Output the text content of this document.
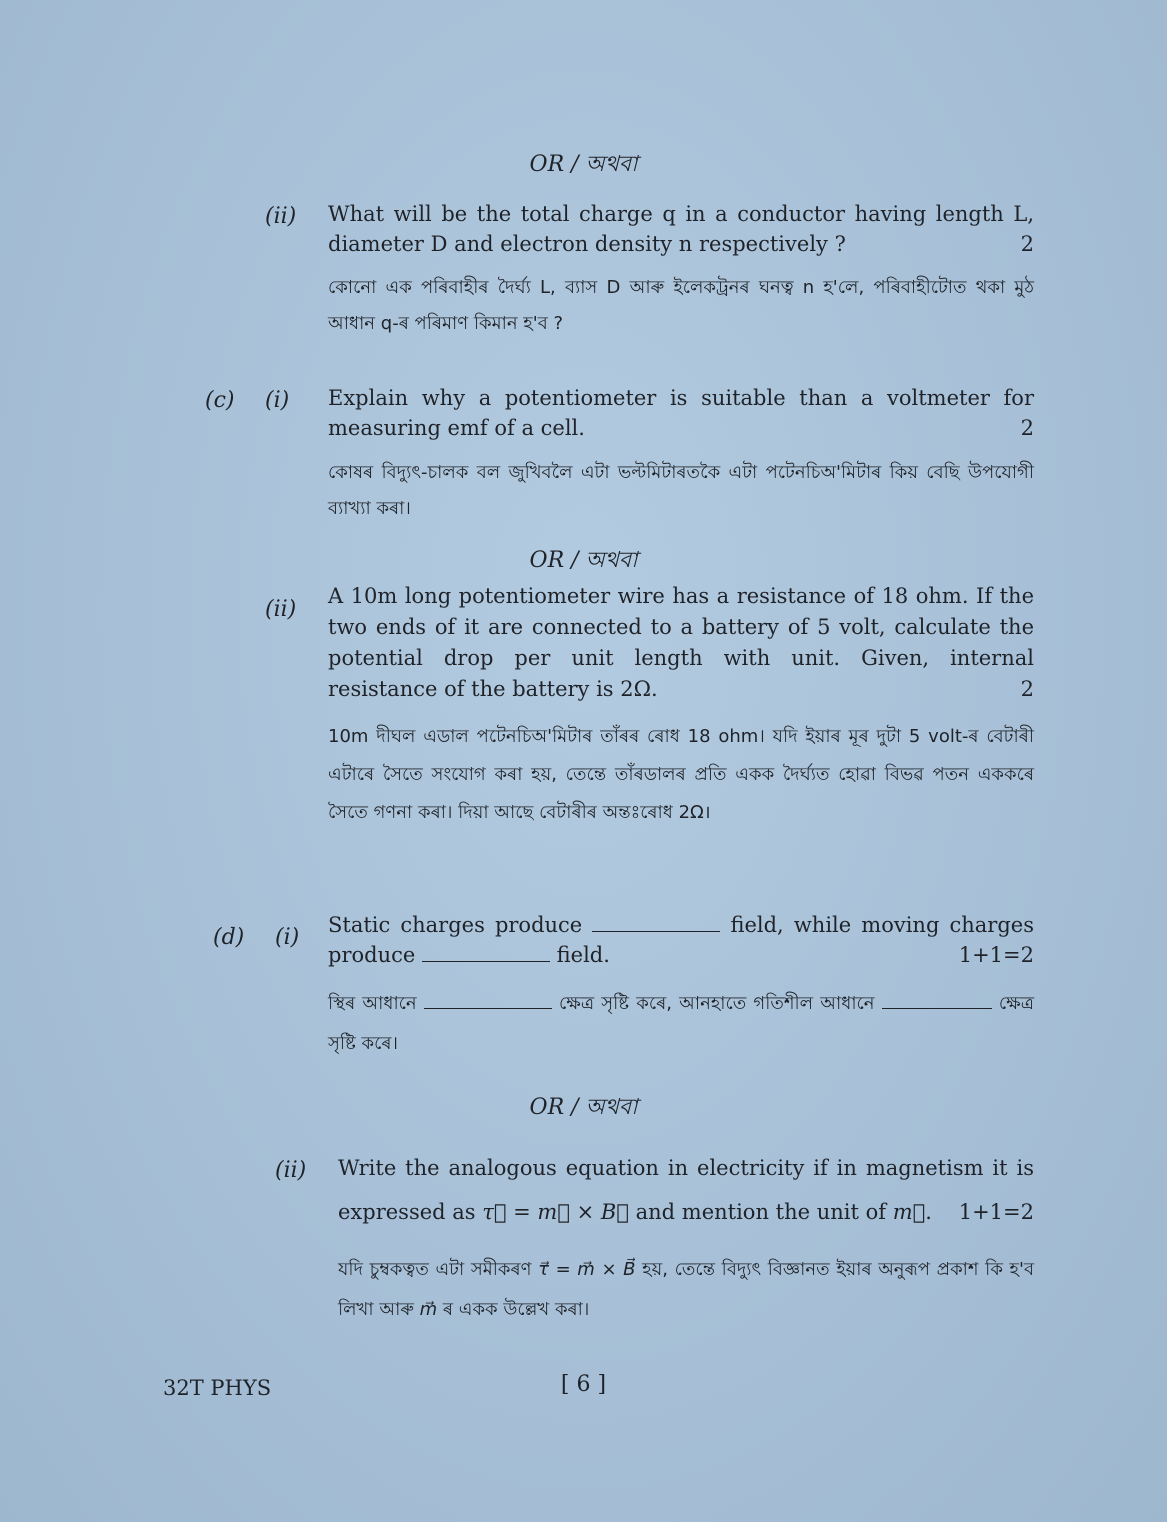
OR / অথবা
(ii) What will be the total charge q in a conductor having length L, diameter D and electron density n respectively ?	2
কোনো এক পৰিবাহীৰ দৈৰ্ঘ্য L, ব্যাস D আৰু ইলেকট্ৰনৰ ঘনত্ব n হ'লে, পৰিবাহীটোত থকা মুঠ আধান q-ৰ পৰিমাণ কিমান হ'ব ?
(c) (i) Explain why a potentiometer is suitable than a voltmeter for measuring emf of a cell.	2
কোষৰ বিদ্যুৎ-চালক বল জুখিবলৈ এটা ভল্টমিটাৰতকৈ এটা পটেনচিঅ'মিটাৰ কিয় বেছি উপযোগী ব্যাখ্যা কৰা।
OR / অথবা
(ii)
A 10m long potentiometer wire has a resistance of 18 ohm. If the two ends of it are connected to a battery of 5 volt, calculate the potential drop per unit length with unit. Given, internal resistance of the battery is 2Ω.	2
10m দীঘল এডাল পটেনচিঅ'মিটাৰ তাঁৰৰ ৰোধ 18 ohm। যদি ইয়াৰ মূৰ দুটা 5 volt-ৰ বেটাৰী এটাৰে সৈতে সংযোগ কৰা হয়, তেন্তে তাঁৰডালৰ প্ৰতি একক দৈৰ্ঘ্যত হোৱা বিভৱ পতন এককৰে সৈতে গণনা কৰা। দিয়া আছে বেটাৰীৰ অন্তঃৰোধ 2Ω।
(d) (i) Static charges produce	field, while moving charges produce	field.	1+1=2
স্থিৰ আধানে	ক্ষেত্ৰ সৃষ্টি কৰে, আনহাতে গতিশীল আধানে	ক্ষেত্ৰ সৃষ্টি কৰে।
OR / অথবা
(ii) Write the analogous equation in electricity if in magnetism it is expressed as τ⃗ = m⃗ × B⃗ and mention the unit of m⃗. 1+1=2
যদি চুম্বকত্বত এটা সমীকৰণ τ⃗ = m⃗ × B⃗ হয়, তেন্তে বিদ্যুৎ বিজ্ঞানত ইয়াৰ অনুৰূপ প্ৰকাশ কি হ'ব লিখা আৰু m⃗ ৰ একক উল্লেখ কৰা।
32T PHYS	[ 6 ]
